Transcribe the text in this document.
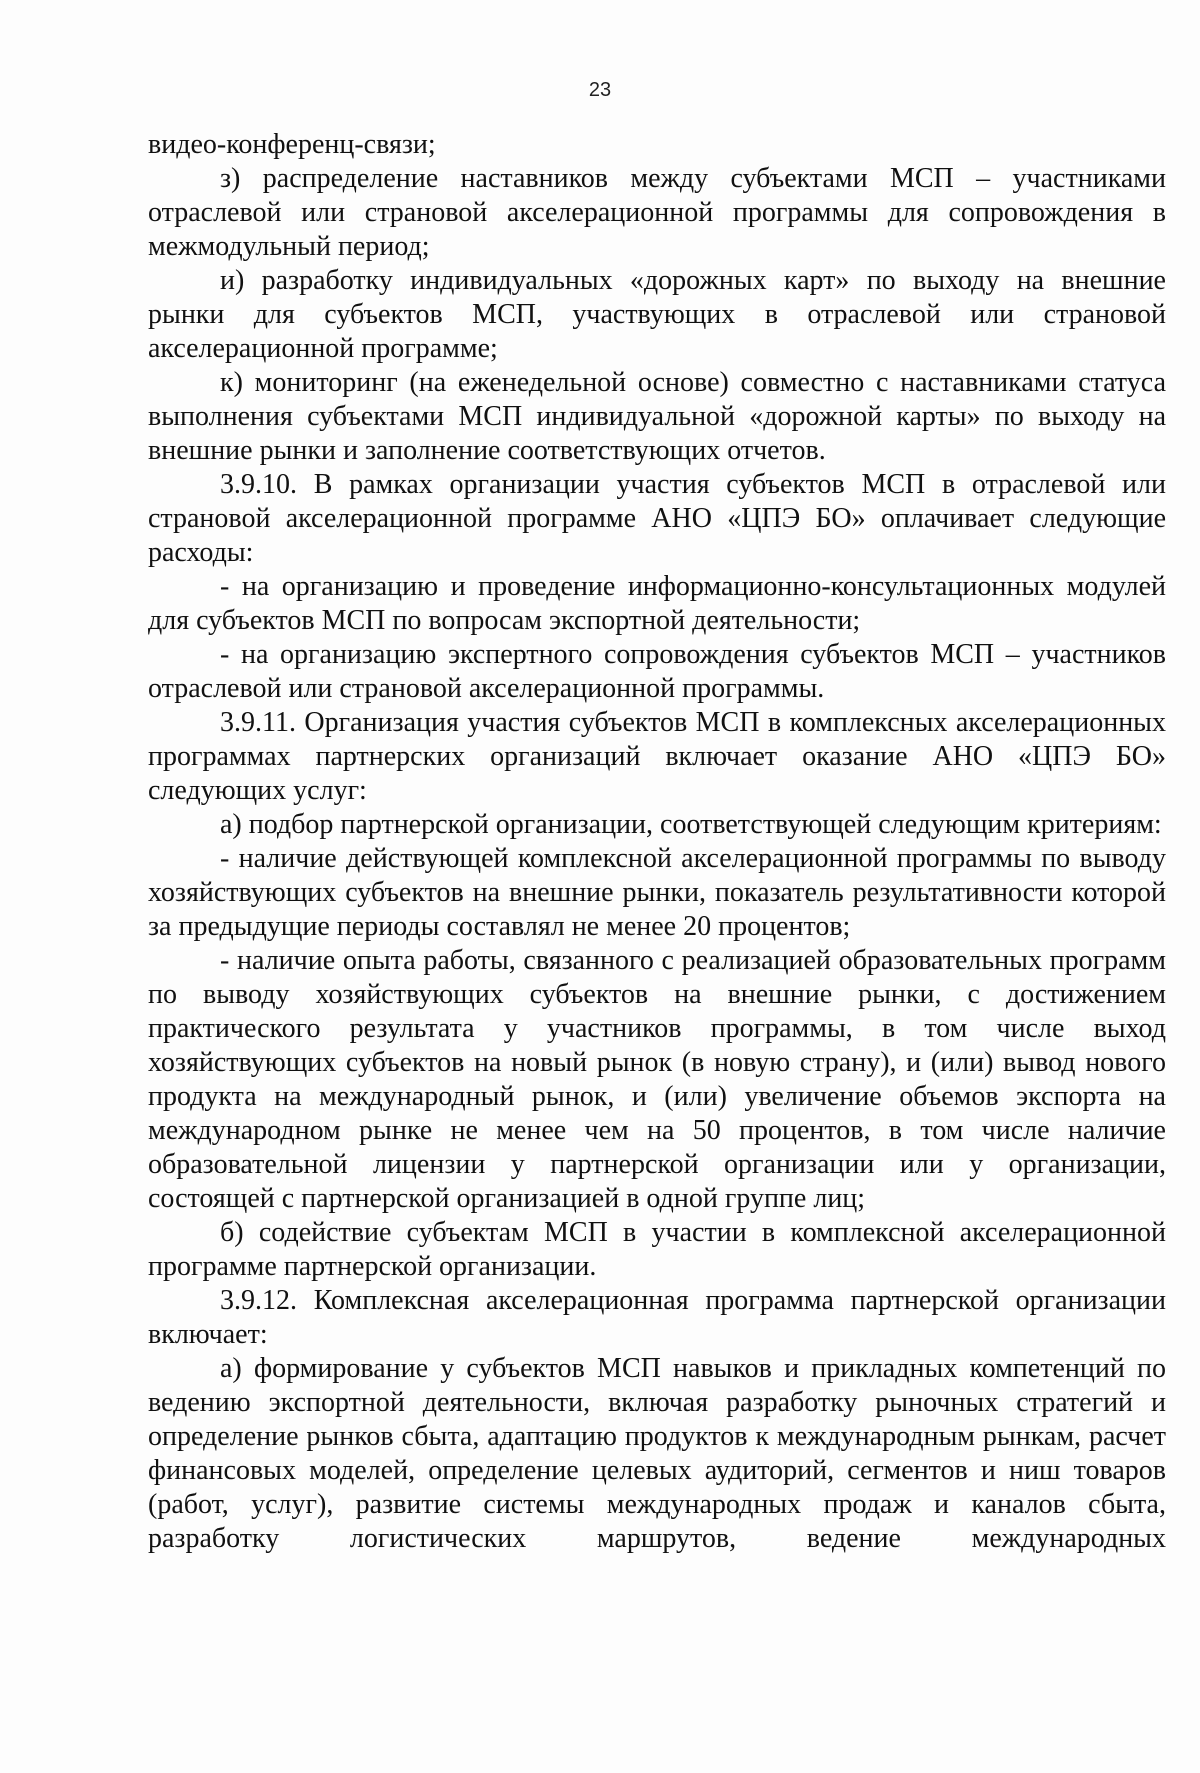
23

видео-конференц-связи;

з) распределение наставников между субъектами МСП – участниками отраслевой или страновой акселерационной программы для сопровождения в межмодульный период;

и) разработку индивидуальных «дорожных карт» по выходу на внешние рынки для субъектов МСП, участвующих в отраслевой или страновой акселерационной программе;

к) мониторинг (на еженедельной основе) совместно с наставниками статуса выполнения субъектами МСП индивидуальной «дорожной карты» по выходу на внешние рынки и заполнение соответствующих отчетов.

3.9.10. В рамках организации участия субъектов МСП в отраслевой или страновой акселерационной программе АНО «ЦПЭ БО» оплачивает следующие расходы:

- на организацию и проведение информационно-консультационных модулей для субъектов МСП по вопросам экспортной деятельности;

- на организацию экспертного сопровождения субъектов МСП – участников отраслевой или страновой акселерационной программы.

3.9.11. Организация участия субъектов МСП в комплексных акселерационных программах партнерских организаций включает оказание АНО «ЦПЭ БО» следующих услуг:

а) подбор партнерской организации, соответствующей следующим критериям:

- наличие действующей комплексной акселерационной программы по выводу хозяйствующих субъектов на внешние рынки, показатель результативности которой за предыдущие периоды составлял не менее 20 процентов;

- наличие опыта работы, связанного с реализацией образовательных программ по выводу хозяйствующих субъектов на внешние рынки, с достижением практического результата у участников программы, в том числе выход хозяйствующих субъектов на новый рынок (в новую страну), и (или) вывод нового продукта на международный рынок, и (или) увеличение объемов экспорта на международном рынке не менее чем на 50 процентов, в том числе наличие образовательной лицензии у партнерской организации или у организации, состоящей с партнерской организацией в одной группе лиц;

б) содействие субъектам МСП в участии в комплексной акселерационной программе партнерской организации.

3.9.12. Комплексная акселерационная программа партнерской организации включает:

а) формирование у субъектов МСП навыков и прикладных компетенций по ведению экспортной деятельности, включая разработку рыночных стратегий и определение рынков сбыта, адаптацию продуктов к международным рынкам, расчет финансовых моделей, определение целевых аудиторий, сегментов и ниш товаров (работ, услуг), развитие системы международных продаж и каналов сбыта, разработку логистических маршрутов, ведение международных
